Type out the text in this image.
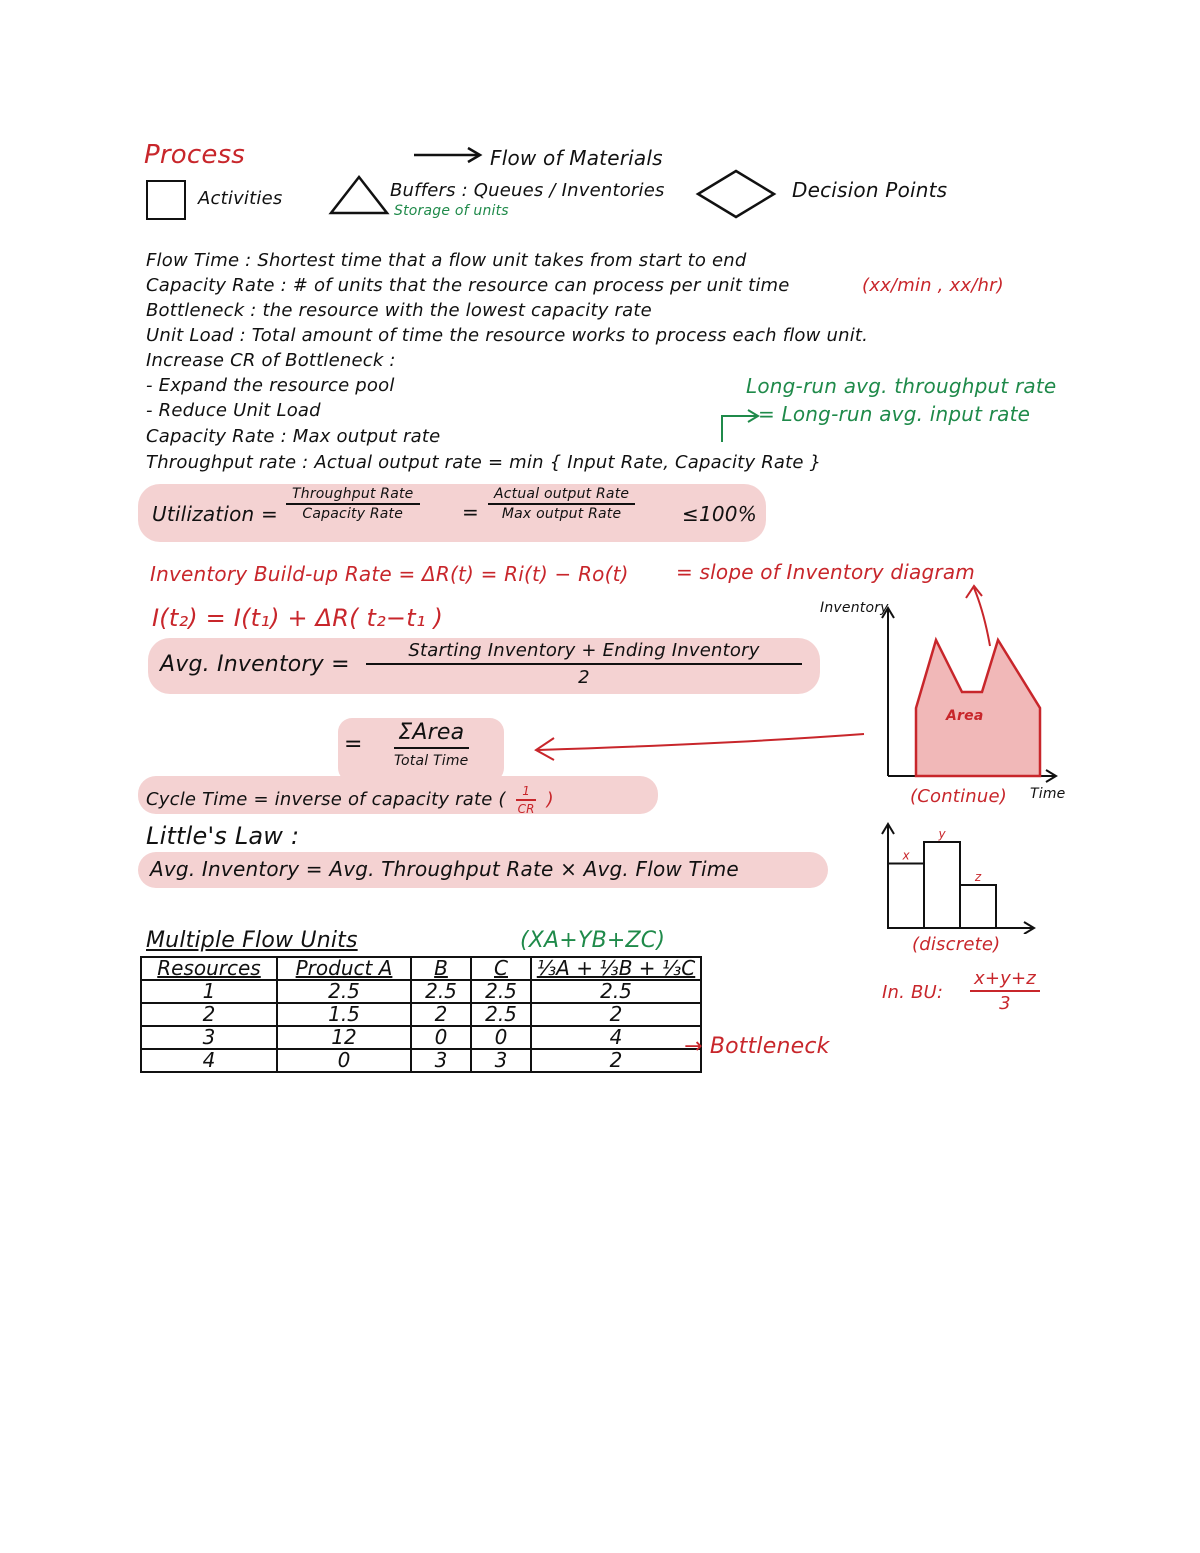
Process	Flow of Materials
Activities	Buffers : Queues / Inventories
Storage of units
Decision Points
Flow Time : Shortest time that a flow unit takes from start to end
Capacity Rate : # of units that the resource can process per unit time	(xx/min , xx/hr)
Bottleneck : the resource with the lowest capacity rate
Unit Load : Total amount of time the resource works to process each flow unit.
Increase CR of Bottleneck :
- Expand the resource pool
- Reduce Unit Load
Capacity Rate : Max output rate
Throughput rate : Actual output rate = min { Input Rate, Capacity Rate }
Long-run avg. throughput rate
= Long-run avg. input rate
Utilization = $\frac{\text{Throughput Rate}}{\text{Capacity Rate}} = \frac{\text{Actual output Rate}}{\text{Max output Rate}} \le 100\%$
Inventory Build-up Rate = ΔR(t) = Ri(t) − Ro(t) = slope of Inventory diagram
I(t₂) = I(t₁) + ΔR( t₂−t₁ )
Avg. Inventory =
Starting Inventory + Ending Inventory
2
= ΣArea
Total Time
Cycle Time = inverse of capacity rate ( $\frac{1}{CR}$ )
Little's Law :
Avg. Inventory = Avg. Throughput Rate × Avg. Flow Time
Inventory
Area
Time
(Continue)
x
y
z
(discrete)
In. BU: $\frac{x+y+z}{3}$
Multiple Flow Units	(XA+YB+ZC)
Resources	Product A	B	C	⅓A + ⅓B + ⅓C
1	2.5	2.5	2.5	2.5
2	1.5	2	2.5	2
3	12	0	0	4
4	0	3	3	2
→ Bottleneck
